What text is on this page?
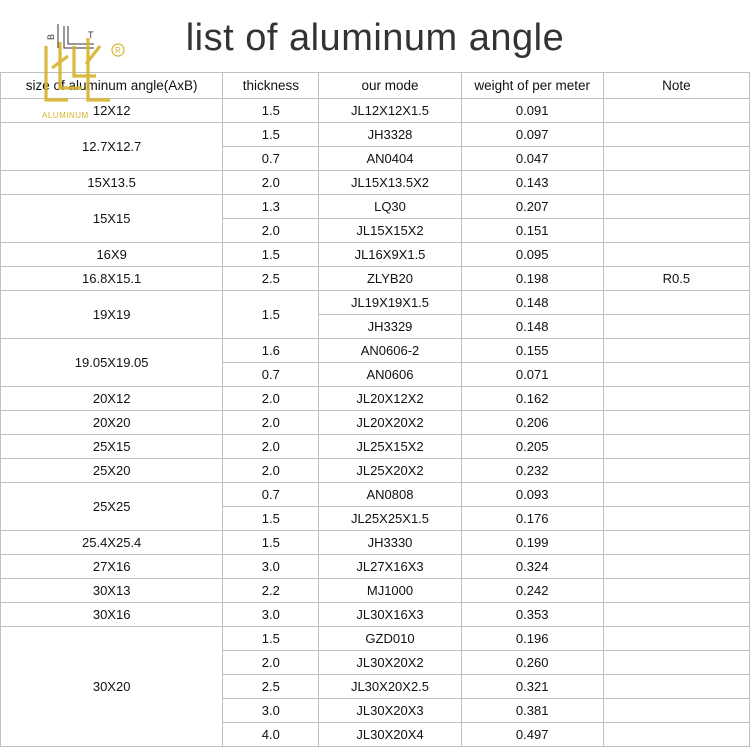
list of aluminum angle
B	T
R
ALUMINUM
size of aluminum angle(AxB)	thickness	our mode	weight of per meter	Note
12X12	1.5	JL12X12X1.5	0.091	
12.7X12.7	1.5	JH3328	0.097	
	0.7	AN0404	0.047	
15X13.5	2.0	JL15X13.5X2	0.143	
15X15	1.3	LQ30	0.207	
	2.0	JL15X15X2	0.151	
16X9	1.5	JL16X9X1.5	0.095	
16.8X15.1	2.5	ZLYB20	0.198	R0.5
19X19	1.5	JL19X19X1.5	0.148	
		JH3329	0.148	
19.05X19.05	1.6	AN0606-2	0.155	
	0.7	AN0606	0.071	
20X12	2.0	JL20X12X2	0.162	
20X20	2.0	JL20X20X2	0.206	
25X15	2.0	JL25X15X2	0.205	
25X20	2.0	JL25X20X2	0.232	
25X25	0.7	AN0808	0.093	
	1.5	JL25X25X1.5	0.176	
25.4X25.4	1.5	JH3330	0.199	
27X16	3.0	JL27X16X3	0.324	
30X13	2.2	MJ1000	0.242	
30X16	3.0	JL30X16X3	0.353	
30X20	1.5	GZD010	0.196	
	2.0	JL30X20X2	0.260	
	2.5	JL30X20X2.5	0.321	
	3.0	JL30X20X3	0.381	
	4.0	JL30X20X4	0.497	
